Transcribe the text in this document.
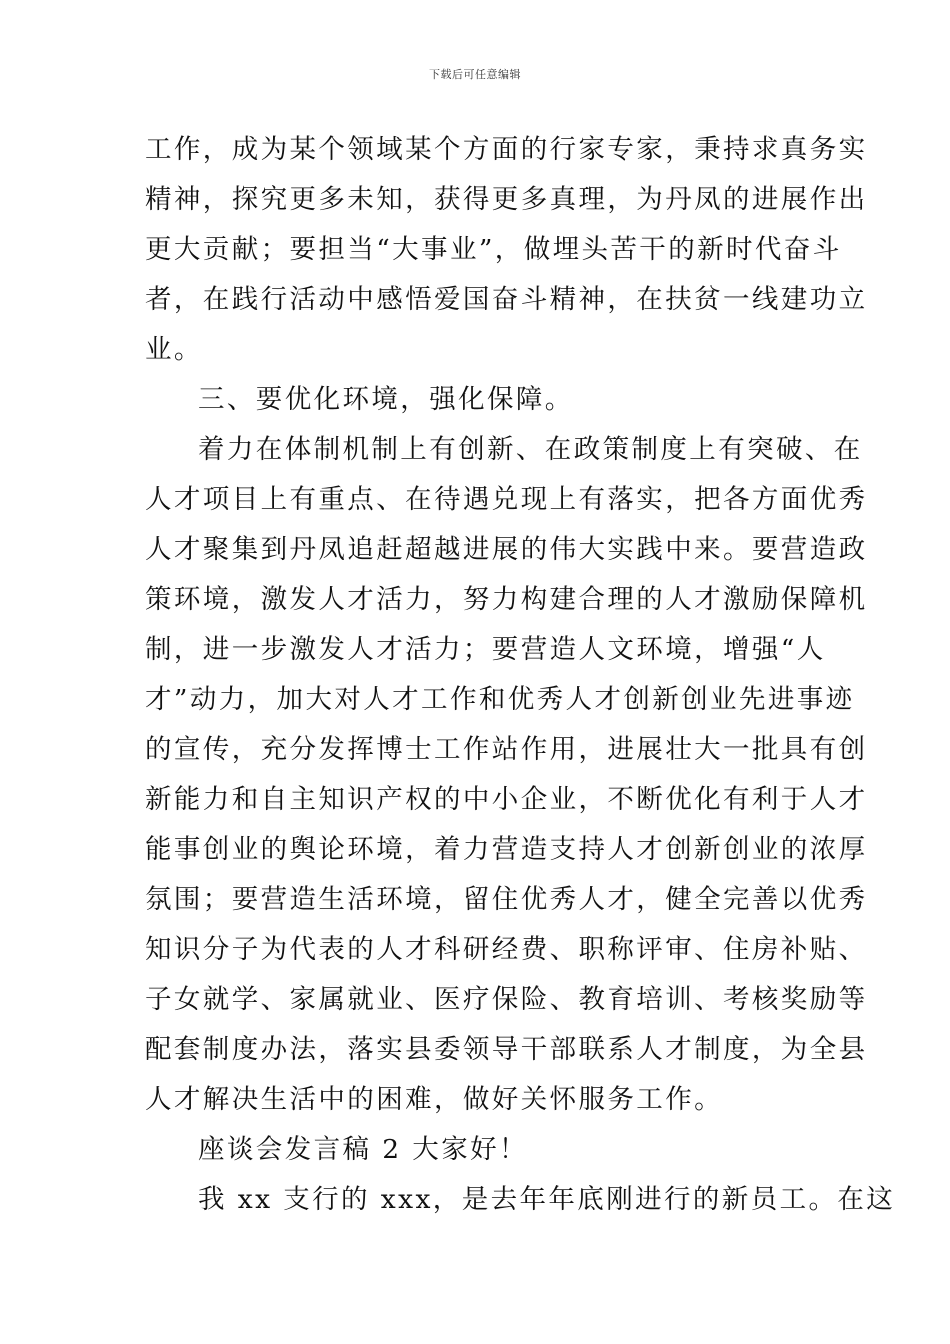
下载后可任意编辑
工作，成为某个领域某个方面的行家专家，秉持求真务实
精神，探究更多未知，获得更多真理，为丹凤的进展作出
更大贡献；要担当“大事业”，做埋头苦干的新时代奋斗
者，在践行活动中感悟爱国奋斗精神，在扶贫一线建功立
业。
三、要优化环境，强化保障。
着力在体制机制上有创新、在政策制度上有突破、在
人才项目上有重点、在待遇兑现上有落实，把各方面优秀
人才聚集到丹凤追赶超越进展的伟大实践中来。要营造政
策环境，激发人才活力，努力构建合理的人才激励保障机
制，进一步激发人才活力；要营造人文环境，增强“人
才”动力，加大对人才工作和优秀人才创新创业先进事迹
的宣传，充分发挥博士工作站作用，进展壮大一批具有创
新能力和自主知识产权的中小企业，不断优化有利于人才
能事创业的舆论环境，着力营造支持人才创新创业的浓厚
氛围；要营造生活环境，留住优秀人才，健全完善以优秀
知识分子为代表的人才科研经费、职称评审、住房补贴、
子女就学、家属就业、医疗保险、教育培训、考核奖励等
配套制度办法，落实县委领导干部联系人才制度，为全县
人才解决生活中的困难，做好关怀服务工作。
座谈会发言稿 2 大家好！
我 xx 支行的 xxx，是去年年底刚进行的新员工。在这
